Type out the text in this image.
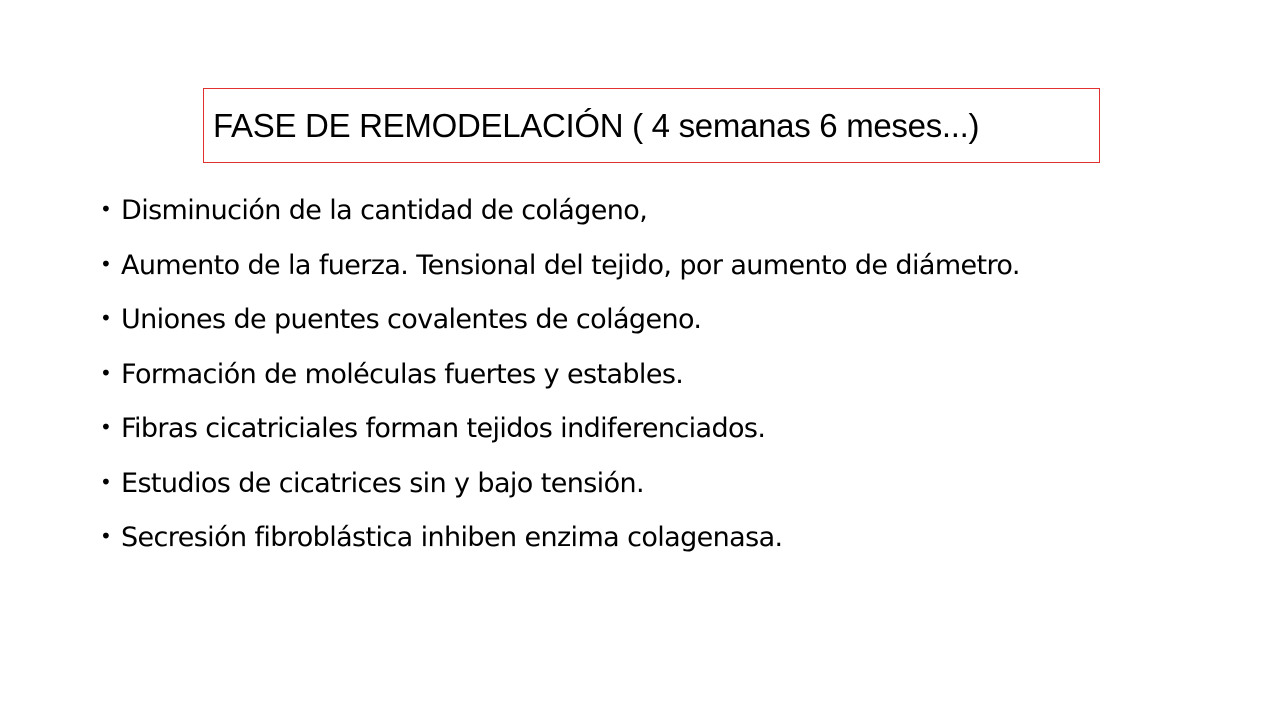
FASE DE REMODELACIÓN ( 4 semanas 6 meses...)
• Disminución de la cantidad de colágeno,
• Aumento de la fuerza. Tensional del tejido, por aumento de diámetro.
• Uniones de puentes covalentes de colágeno.
• Formación de moléculas fuertes y estables.
• Fibras cicatriciales forman tejidos indiferenciados.
• Estudios de cicatrices sin y bajo tensión.
• Secresión fibroblástica inhiben enzima colagenasa.
